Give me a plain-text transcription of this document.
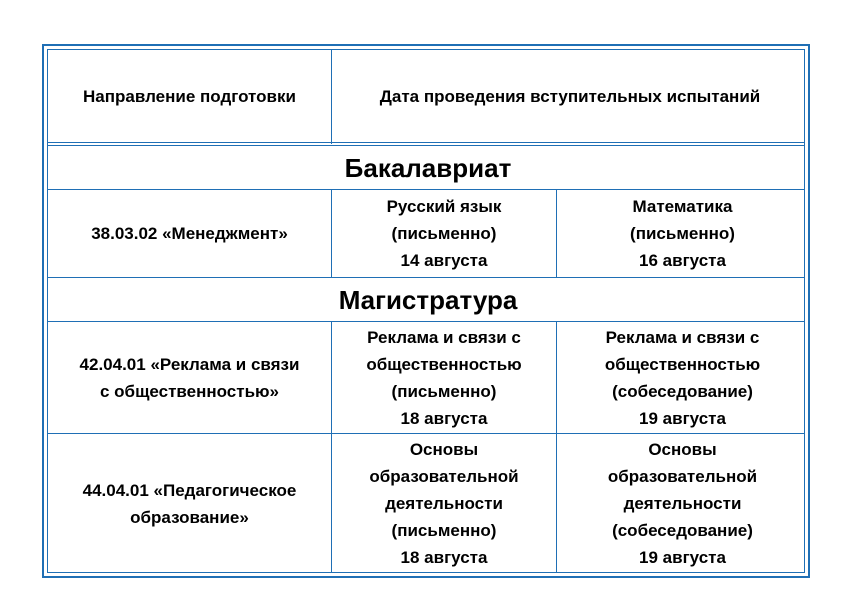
Направление подготовки	Дата проведения вступительных испытаний
Бакалавриат
38.03.02 «Менеджмент»
Русский язык
(письменно)
14 августа
Математика
(письменно)
16 августа
Магистратура
42.04.01 «Реклама и связи
с общественностью»
Реклама и связи с
общественностью
(письменно)
18 августа
Реклама и связи с
общественностью
(собеседование)
19 августа
44.04.01 «Педагогическое
образование»
Основы
образовательной
деятельности
(письменно)
18 августа
Основы
образовательной
деятельности
(собеседование)
19 августа
